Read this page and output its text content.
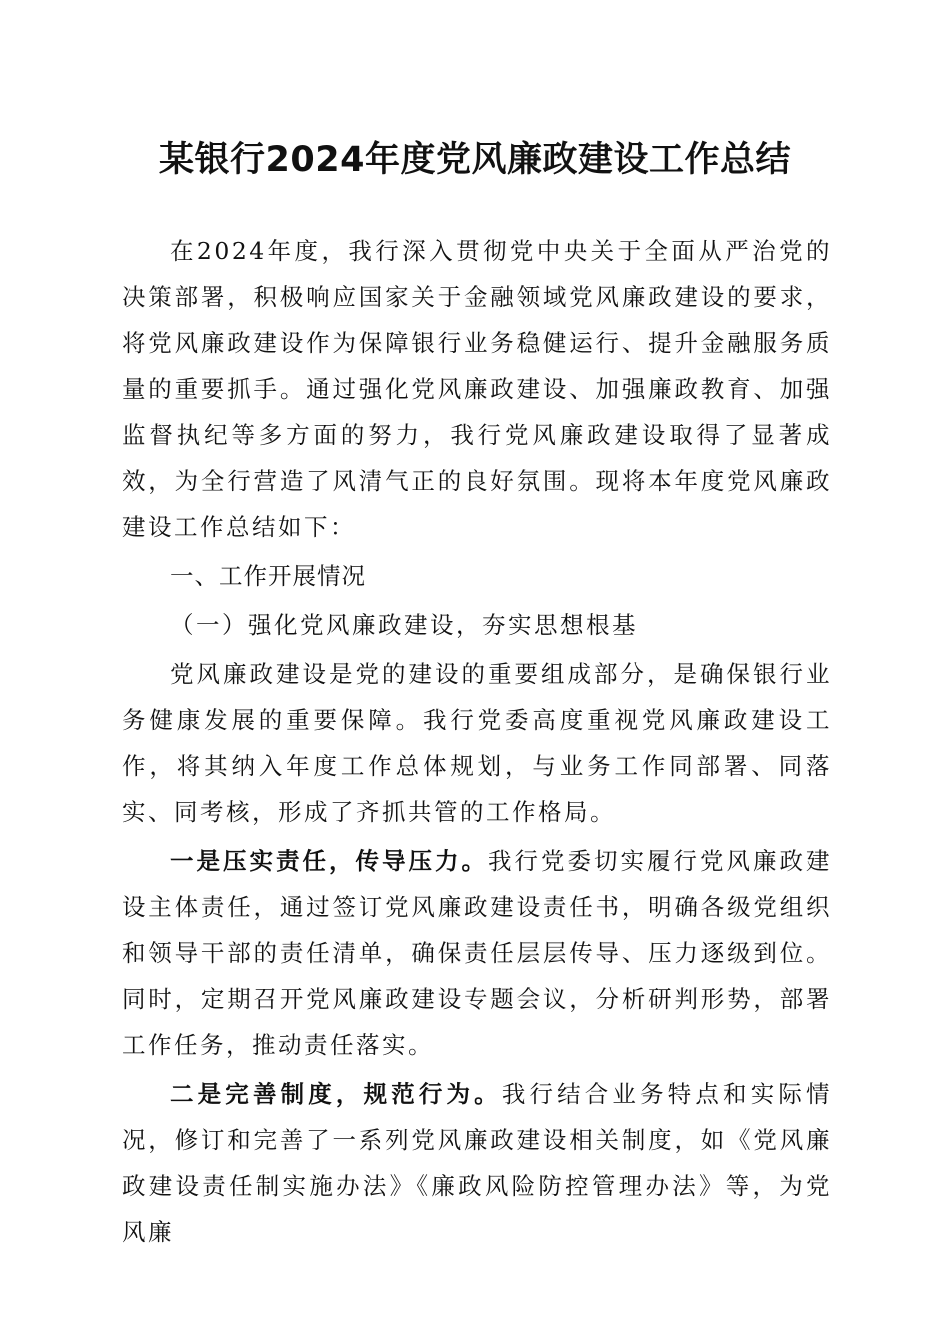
某银行2024年度党风廉政建设工作总结

在2024年度，我行深入贯彻党中央关于全面从严治党的决策部署，积极响应国家关于金融领域党风廉政建设的要求，将党风廉政建设作为保障银行业务稳健运行、提升金融服务质量的重要抓手。通过强化党风廉政建设、加强廉政教育、加强监督执纪等多方面的努力，我行党风廉政建设取得了显著成效，为全行营造了风清气正的良好氛围。现将本年度党风廉政建设工作总结如下：

一、工作开展情况

（一）强化党风廉政建设，夯实思想根基

党风廉政建设是党的建设的重要组成部分，是确保银行业务健康发展的重要保障。我行党委高度重视党风廉政建设工作，将其纳入年度工作总体规划，与业务工作同部署、同落实、同考核，形成了齐抓共管的工作格局。

一是压实责任，传导压力。我行党委切实履行党风廉政建设主体责任，通过签订党风廉政建设责任书，明确各级党组织和领导干部的责任清单，确保责任层层传导、压力逐级到位。同时，定期召开党风廉政建设专题会议，分析研判形势，部署工作任务，推动责任落实。

二是完善制度，规范行为。我行结合业务特点和实际情况，修订和完善了一系列党风廉政建设相关制度，如《党风廉政建设责任制实施办法》《廉政风险防控管理办法》等，为党风廉
